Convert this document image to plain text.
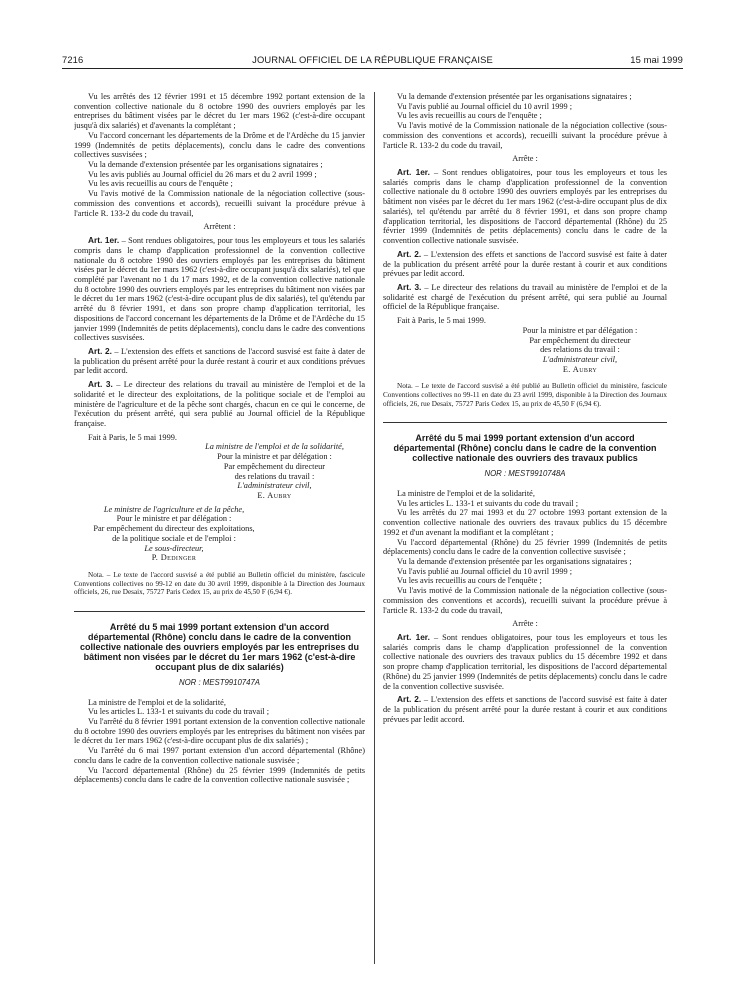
7216	JOURNAL OFFICIEL DE LA RÉPUBLIQUE FRANÇAISE	15 mai 1999

Vu les arrêtés des 12 février 1991 et 15 décembre 1992 portant extension de la convention collective nationale du 8 octobre 1990 des ouvriers employés par les entreprises du bâtiment visées par le décret du 1er mars 1962 (c'est-à-dire occupant jusqu'à dix salariés) et d'avenants la complétant ;

Vu l'accord concernant les départements de la Drôme et de l'Ardèche du 15 janvier 1999 (Indemnités de petits déplacements), conclu dans le cadre des conventions collectives susvisées ;

Vu la demande d'extension présentée par les organisations signataires ;

Vu les avis publiés au Journal officiel du 26 mars et du 2 avril 1999 ;

Vu les avis recueillis au cours de l'enquête ;

Vu l'avis motivé de la Commission nationale de la négociation collective (sous-commission des conventions et accords), recueilli suivant la procédure prévue à l'article R. 133-2 du code du travail,

Arrêtent :

Art. 1er. – Sont rendues obligatoires, pour tous les employeurs et tous les salariés compris dans le champ d'application professionnel de la convention collective nationale du 8 octobre 1990 des ouvriers employés par les entreprises du bâtiment visées par le décret du 1er mars 1962 (c'est-à-dire occupant jusqu'à dix salariés), tel que complété par l'avenant no 1 du 17 mars 1992, et de la convention collective nationale du 8 octobre 1990 des ouvriers employés par les entreprises du bâtiment non visées par le décret du 1er mars 1962 (c'est-à-dire occupant plus de dix salariés), tel qu'étendu par arrêté du 8 février 1991, et dans son propre champ d'application territorial, les dispositions de l'accord concernant les départements de la Drôme et de l'Ardèche du 15 janvier 1999 (Indemnités de petits déplacements), conclu dans le cadre des conventions collectives susvisées.

Art. 2. – L'extension des effets et sanctions de l'accord susvisé est faite à dater de la publication du présent arrêté pour la durée restant à courir et aux conditions prévues par ledit accord.

Art. 3. – Le directeur des relations du travail au ministère de l'emploi et de la solidarité et le directeur des exploitations, de la politique sociale et de l'emploi au ministère de l'agriculture et de la pêche sont chargés, chacun en ce qui le concerne, de l'exécution du présent arrêté, qui sera publié au Journal officiel de la République française.

Fait à Paris, le 5 mai 1999.
La ministre de l'emploi et de la solidarité,
Pour la ministre et par délégation :
Par empêchement du directeur
des relations du travail :
L'administrateur civil,
E. Aubry
Le ministre de l'agriculture et de la pêche,
Pour le ministre et par délégation :
Par empêchement du directeur des exploitations,
de la politique sociale et de l'emploi :
Le sous-directeur,
P. Dedinger
Nota. – Le texte de l'accord susvisé a été publié au Bulletin officiel du ministère, fascicule Conventions collectives no 99-12 en date du 30 avril 1999, disponible à la Direction des Journaux officiels, 26, rue Desaix, 75727 Paris Cedex 15, au prix de 45,50 F (6,94 €).
Arrêté du 5 mai 1999 portant extension d'un accord départemental (Rhône) conclu dans le cadre de la convention collective nationale des ouvriers employés par les entreprises du bâtiment non visées par le décret du 1er mars 1962 (c'est-à-dire occupant plus de dix salariés)
NOR : MEST9910747A

La ministre de l'emploi et de la solidarité,

Vu les articles L. 133-1 et suivants du code du travail ;

Vu l'arrêté du 8 février 1991 portant extension de la convention collective nationale du 8 octobre 1990 des ouvriers employés par les entreprises du bâtiment non visées par le décret du 1er mars 1962 (c'est-à-dire occupant plus de dix salariés) ;

Vu l'arrêté du 6 mai 1997 portant extension d'un accord départemental (Rhône) conclu dans le cadre de la convention collective nationale susvisée ;

Vu l'accord départemental (Rhône) du 25 février 1999 (Indemnités de petits déplacements) conclu dans le cadre de la convention collective nationale susvisée ;

Vu la demande d'extension présentée par les organisations signataires ;

Vu l'avis publié au Journal officiel du 10 avril 1999 ;

Vu les avis recueillis au cours de l'enquête ;

Vu l'avis motivé de la Commission nationale de la négociation collective (sous-commission des conventions et accords), recueilli suivant la procédure prévue à l'article R. 133-2 du code du travail,

Arrête :

Art. 1er. – Sont rendues obligatoires, pour tous les employeurs et tous les salariés compris dans le champ d'application professionnel de la convention collective nationale du 8 octobre 1990 des ouvriers employés par les entreprises du bâtiment non visées par le décret du 1er mars 1962 (c'est-à-dire occupant plus de dix salariés), tel qu'étendu par arrêté du 8 février 1991, et dans son propre champ d'application territorial, les dispositions de l'accord départemental (Rhône) du 25 février 1999 (Indemnités de petits déplacements) conclu dans le cadre de la convention collective nationale susvisée.

Art. 2. – L'extension des effets et sanctions de l'accord susvisé est faite à dater de la publication du présent arrêté pour la durée restant à courir et aux conditions prévues par ledit accord.

Art. 3. – Le directeur des relations du travail au ministère de l'emploi et de la solidarité est chargé de l'exécution du présent arrêté, qui sera publié au Journal officiel de la République française.

Fait à Paris, le 5 mai 1999.
Pour la ministre et par délégation :
Par empêchement du directeur
des relations du travail :
L'administrateur civil,
E. Aubry
Nota. – Le texte de l'accord susvisé a été publié au Bulletin officiel du ministère, fascicule Conventions collectives no 99-11 en date du 23 avril 1999, disponible à la Direction des Journaux officiels, 26, rue Desaix, 75727 Paris Cedex 15, au prix de 45,50 F (6,94 €).
Arrêté du 5 mai 1999 portant extension d'un accord départemental (Rhône) conclu dans le cadre de la convention collective nationale des ouvriers des travaux publics
NOR : MEST9910748A

La ministre de l'emploi et de la solidarité,

Vu les articles L. 133-1 et suivants du code du travail ;

Vu les arrêtés du 27 mai 1993 et du 27 octobre 1993 portant extension de la convention collective nationale des ouvriers des travaux publics du 15 décembre 1992 et d'un avenant la modifiant et la complétant ;

Vu l'accord départemental (Rhône) du 25 février 1999 (Indemnités de petits déplacements) conclu dans le cadre de la convention collective susvisée ;

Vu la demande d'extension présentée par les organisations signataires ;

Vu l'avis publié au Journal officiel du 10 avril 1999 ;

Vu les avis recueillis au cours de l'enquête ;

Vu l'avis motivé de la Commission nationale de la négociation collective (sous-commission des conventions et accords), recueilli suivant la procédure prévue à l'article R. 133-2 du code du travail,

Arrête :

Art. 1er. – Sont rendues obligatoires, pour tous les employeurs et tous les salariés compris dans le champ d'application professionnel de la convention collective nationale des ouvriers des travaux publics du 15 décembre 1992 et dans son propre champ d'application territorial, les dispositions de l'accord départemental (Rhône) du 25 janvier 1999 (Indemnités de petits déplacements) conclu dans le cadre de la convention collective susvisée.

Art. 2. – L'extension des effets et sanctions de l'accord susvisé est faite à dater de la publication du présent arrêté pour la durée restant à courir et aux conditions prévues par ledit accord.
